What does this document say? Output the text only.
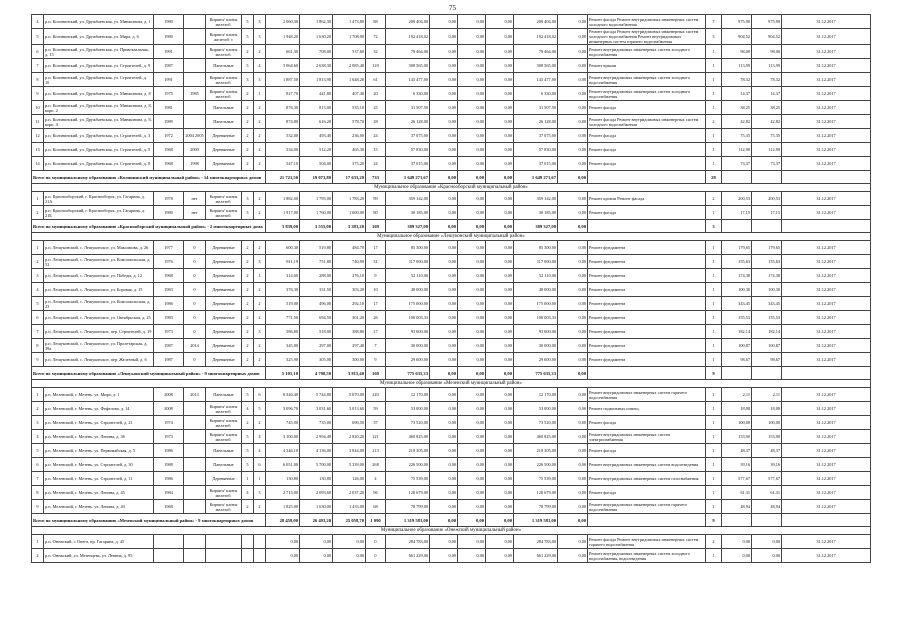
75
4	р.п. Колпнинский, ул. Дружбаевская, ул. Минжинова, д. 1	1980		Кирпич/ плиты железоб.	5	3	2 060,30	1 862,30	1 473,80	88	208 404,00	0,00	0,00	0,00	208 404,00	0,00	Ремонт фасада Ремонт внутридомовых инженерных систем холодного водоснабжения	7	975,90	975,90	31.12.2017
5	р.п. Колпнинский, ул. Дружбаевская, ул. Мира, д. 6	1980		Кирпич/ плиты железоб. с	5	3	1 948,20	1 630,20	1 708,90	72	192 418,02	0,00	0,00	0,00	192 418,02	0,00	Ремонт фасада Ремонт внутридомовых инженерных систем холодного водоснабжения Ремонт внутридомовых инженерных систем горячего водоснабжения	3	904,52	904,52	31.12.2017
6	р.п. Колпнинский, ул. Дружбаевская, ул. Привокзальная, д. 15	1991		Кирпич/ плиты железоб.	2	2	661,30	708,00	537,60	32	79 464,00	0,00	0,00	0,00	79 464,00	0,00	Ремонт внутридомовых инженерных систем холодного водоснабжения	1	98,00	98,00	31.12.2017
7	р.п. Колпнинский, ул. Дружбаевская, ул. Строителей, д. 9	1987		Панельные	5	4	3 064,60	2 638,30	2 085,40	120	308 565,00	0,00	0,00	0,00	308 565,00	0,00	Ремонт крыши	1	113,99	113,99	31.12.2017
8	р.п. Колпнинский, ул. Дружбаевская, ул. Строителей, д. 10	1991		Кирпич/ плиты железоб.	3	3	1 887,50	1 813,90	1 648,20	61	143 477,00	0,00	0,00	0,00	143 477,00	0,00	Ремонт внутридомовых инженерных систем холодного водоснабжения	1	78,32	78,32	31.12.2017
9	р.п. Колпнинский, ул. Дружбаевская, ул. Минжинова, д. 8	1975	1985	Кирпич/ плиты железоб.	2	1	827,70	441,80	407,40	20	6 330,00	0,00	0,00	0,00	6 330,00	0,00	Ремонт внутридомовых инженерных систем холодного водоснабжения	1	14,37	14,37	31.12.2017
10	р.п. Колпнинский, ул. Дружбаевская, ул. Минжинова, д. 8, корп. 2	1981		Панельные	2	2	876,30	813,00	535,10	25	31 507,50	0,00	0,00	0,00	31 507,50	0,00	Ремонт фасада	1	38,25	38,25	31.12.2017
11	р.п. Колпнинский, ул. Дружбаевская, ул. Минжинова, д. 8, корп. 4	1989		Панельные	2	2	874,80	616,20	578,70	28	26 128,00	0,00	0,00	0,00	26 128,00	0,00	Ремонт фасада Ремонт внутридомовых инженерных систем холодного водоснабжения	2	42,82	42,82	31.12.2017
12	р.п. Колпнинский, ул. Дружбаевская, ул. Строителей, д. 3	1972	2004 2005	Деревянные	2	2	532,00	493,40	236,00	24	37 075,00	0,00	0,00	0,00	37 075,00	0,00	Ремонт фасада	1	75,35	75,35	31.12.2017
13	р.п. Колпнинский, ул. Дружбаевская, ул. Строителей, д. 5	1968	2000	Деревянные	2	2	534,00	512,20	465,30	15	57 830,00	0,00	0,00	0,00	57 830,00	0,00	Ремонт фасада	1	112,90	112,90	31.12.2017
14	р.п. Колпнинский, ул. Дружбаевская, ул. Строителей, д. 8	1968	1998	Деревянные	2	2	547,10	504,00	375,20	24	37 015,00	0,00	0,00	0,00	37 015,00	0,00	Ремонт фасада	1	73,37	73,37	31.12.2017
Всего по муниципальному образованию «Колпнинский муниципальный район» - 14 многоквартирных домов							21 721,50	19 073,80	17 633,20	733	1 649 271,67	0,00	0,00	0,00	1 649 271,67	0,00		28			
Муниципальное образование «Краснооборский муниципальный район»																					
1	р.п. Краснооборский, г. Краснооборск, ул. Гагарина, д. 21А	1978	нет	Кирпич/ плиты железоб.	3	2	1 882,00	1 795,00	1 783,20	89	359 142,00	0,00	0,00	0,00	359 142,00	0,00	Ремонт кровли Ремонт фасада	2	200,53	200,53	31.12.2017
2	р.п. Краснооборский, г. Краснооборск, ул. Гагарина, д. 21Б	1980	нет	Кирпич/ плиты железоб.	3	2	1 917,00	1 760,00	1 600,00	80	30 185,00	0,00	0,00	0,00	30 185,00	0,00	Ремонт фасада	1	17,15	17,15	31.12.2017
Всего по муниципальному образованию «Краснооборский муниципальный район» - 2 многоквартирных дома							3 839,00	3 555,00	3 383,20	169	389 327,00	0,00	0,00	0,00	389 327,00	0,00		3			
Муниципальное образование «Лешуконский муниципальный район»																					
1	р.п. Лешуконский, с. Лешуконское, ул. Максимова, д. 26	1977	0	Деревянные	2	2	600,30	519,80	484,70	17	85 300,00	0,00	0,00	0,00	85 300,00	0,00	Ремонт фундамента	1	179,65	179,65	31.12.2017
2	р.п. Лешуконский, с. Лешуконское, ул. Комсомольская, д. 52	1976	0	Деревянные	2	3	811,19	751,80	740,90	31	117 000,00	0,00	0,00	0,00	117 000,00	0,00	Ремонт фундамента	1	155,63	155,63	31.12.2017
3	р.п. Лешуконский, с. Лешуконское, ул. Победы, д. 12	1968	0	Деревянные	2	1	314,60	288,00	276,10	9	52 110,00	0,00	0,00	0,00	52 110,00	0,00	Ремонт фундамента	1	174,38	174,38	31.12.2017
4	р.п. Лешуконский, с. Лешуконское, ул. Боровая, д. 15	1983	0	Деревянные	2	2	376,30	331,50	303,20	10	40 000,00	0,00	0,00	0,00	40 000,00	0,00	Ремонт фундамента	1	100,30	100,30	31.12.2017
5	р.п. Лешуконский, с. Лешуконское, ул. Комсомольская, д. 23	1986	0	Деревянные	2	2	519,00	496,00	292,10	17	175 000,00	0,00	0,00	0,00	175 000,00	0,00	Ремонт фундамента	1	343,45	343,45	31.12.2017
6	р.п. Лешуконский, с. Лешуконское, ул. Октябрьская, д. 25	1983	0	Деревянные	2	2	771,50	694,50	301,20	26	106 003,33	0,00	0,00	0,00	106 003,33	0,00	Ремонт фундамента	1	155,53	155,53	31.12.2017
7	р.п. Лешуконский, с. Лешуконское, пер. Строителей, д. 19	1973	0	Деревянные	2	3	586,80	518,00	388,80	17	93 600,00	0,00	0,00	0,00	93 600,00	0,00	Ремонт фундамента	1	182,14	182,14	31.12.2017
8	р.п. Лешуконский, с. Лешуконское, ул. Пролетарская, д. 39а	1987	2014	Деревянные	2	2	345,80	297,00	297,40	7	30 000,00	0,00	0,00	0,00	30 000,00	0,00	Ремонт фундамента	1	100,87	100,87	31.12.2017
9	р.п. Лешуконский, с. Лешуконское, пер. Железный, д. 6	1987	0	Деревянные	2	2	325,90	305,00	300,00	9	29 600,00	0,00	0,00	0,00	29 600,00	0,00	Ремонт фундамента	1	98,67	98,67	31.12.2017
Всего по муниципальному образованию «Лешуконский муниципальный район» - 9 многоквартирных домов							5 105,10	4 708,50	3 815,40	160	775 635,33	0,00	0,00	0,00	775 635,33	0,00		9			
Муниципальное образование «Мезенский муниципальный район»																					
1	р.п. Мезенский, г. Мезень, ул. Мира, д. 1	2008	2013	Панельные	5	6	6 346,40	5 744,80	5 670,00	220	12 170,00	0,00	0,00	0,00	12 170,00	0,00	Ремонт внутридомовых инженерных систем горячего водоснабжения	1	2,11	2,11	31.12.2017
2	р.п. Мезенский, г. Мезень, ул. Фефелова, д. 14	2008		Кирпич/ плиты железоб.	4	5	3 096,70	3 031,60	3 013,60	59	53 000,00	0,00	0,00	0,00	53 000,00	0,00	Ремонт подвальных помещ.	1	18,08	18,08	31.12.2017
3	р.п. Мезенский, г. Мезень, ул. Строителей, д. 21	1974		Кирпич/ плиты железоб.	2	2	745,00	735,00	690,50	37	73 520,00	0,00	0,00	0,00	73 520,00	0,00	Ремонт фасада	1	100,00	100,00	31.12.2017
4	р.п. Мезенский, г. Мезень, ул. Ленина, д. 36	1973		Кирпич/ плиты железоб.	5	4	3 100,00	2 994,40	2 820,20	121	460 825,00	0,00	0,00	0,00	460 825,00	0,00	Ремонт внутридомовых инженерных систем электроснабжения	1	153,90	153,90	31.12.2017
5	р.п. Мезенский, г. Мезень, ул. Первомайская, д. 5	1986		Панельные	5	4	4 346,10	4 136,00	3 844,00	213	210 305,00	0,00	0,00	0,00	210 305,00	0,00	Ремонт фасада	1	48,37	48,37	31.12.2017
6	р.п. Мезенский, г. Мезень, ул. Строителей, д. 30	1988		Панельные	5	6	6 051,00	5 700,00	5 339,00	268	226 500,00	0,00	0,00	0,00	226 500,00	0,00	Ремонт внутридомовых инженерных систем водоотведения	1	39,16	39,16	31.12.2017
7	р.п. Мезенский, г. Мезень, ул. Строителей, д. 11	1986		Деревянные	1	1	130,80	130,80	126,00	4	75 539,00	0,00	0,00	0,00	75 539,00	0,00	Ремонт внутридомовых инженерных систем газоснабжения	1	577,67	577,67	31.12.2017
8	р.п. Мезенский, г. Мезень, ул. Ленина, д. 45	1984		Кирпич/ плиты железоб.	4	3	2 715,00	2 093,60	2 037,20	96	128 679,00	0,00	0,00	0,00	128 679,00	0,00	Ремонт фасада	1	61,31	61,31	31.12.2017
9	р.п. Мезенский, г. Мезень, ул. Ленина, д. 40	1968		Кирпич/ плиты железоб.	2	2	1 825,00	1 630,00	1 433,00	68	78 799,00	0,00	0,00	0,00	78 799,00	0,00	Ремонт внутридомовых инженерных систем горячего водоснабжения	1	48,94	48,94	31.12.2017
Всего по муниципальному образованию «Мезенский муниципальный район» - 9 многоквартирных домов							28 458,00	26 493,20	25 058,70	1 090	1 319 581,00	0,00	0,00	0,00	1 319 581,00	0,00		9			
Муниципальное образование «Онежский муниципальный район»																					
1	р.п. Онежский, г. Онега, пр. Гагарина, д. 45						0,00	0,00	0,00	0	284 783,00	0,00	0,00	0,00	284 783,00	0,00	Ремонт фасада Ремонт внутридомовых инженерных систем горячего водоснабжения	2	0,00	0,00	31.12.2017
2	р.п. Онежский, ул. Мезенцева, ул. Ленина, д. 95						0,00	0,00	0,00	0	661 229,00	0,00	0,00	0,00	661 229,00	0,00	Ремонт внутридомовых инженерных систем холодного водоснабжения, водоотведения	1	0,00	0,00	31.12.2017
